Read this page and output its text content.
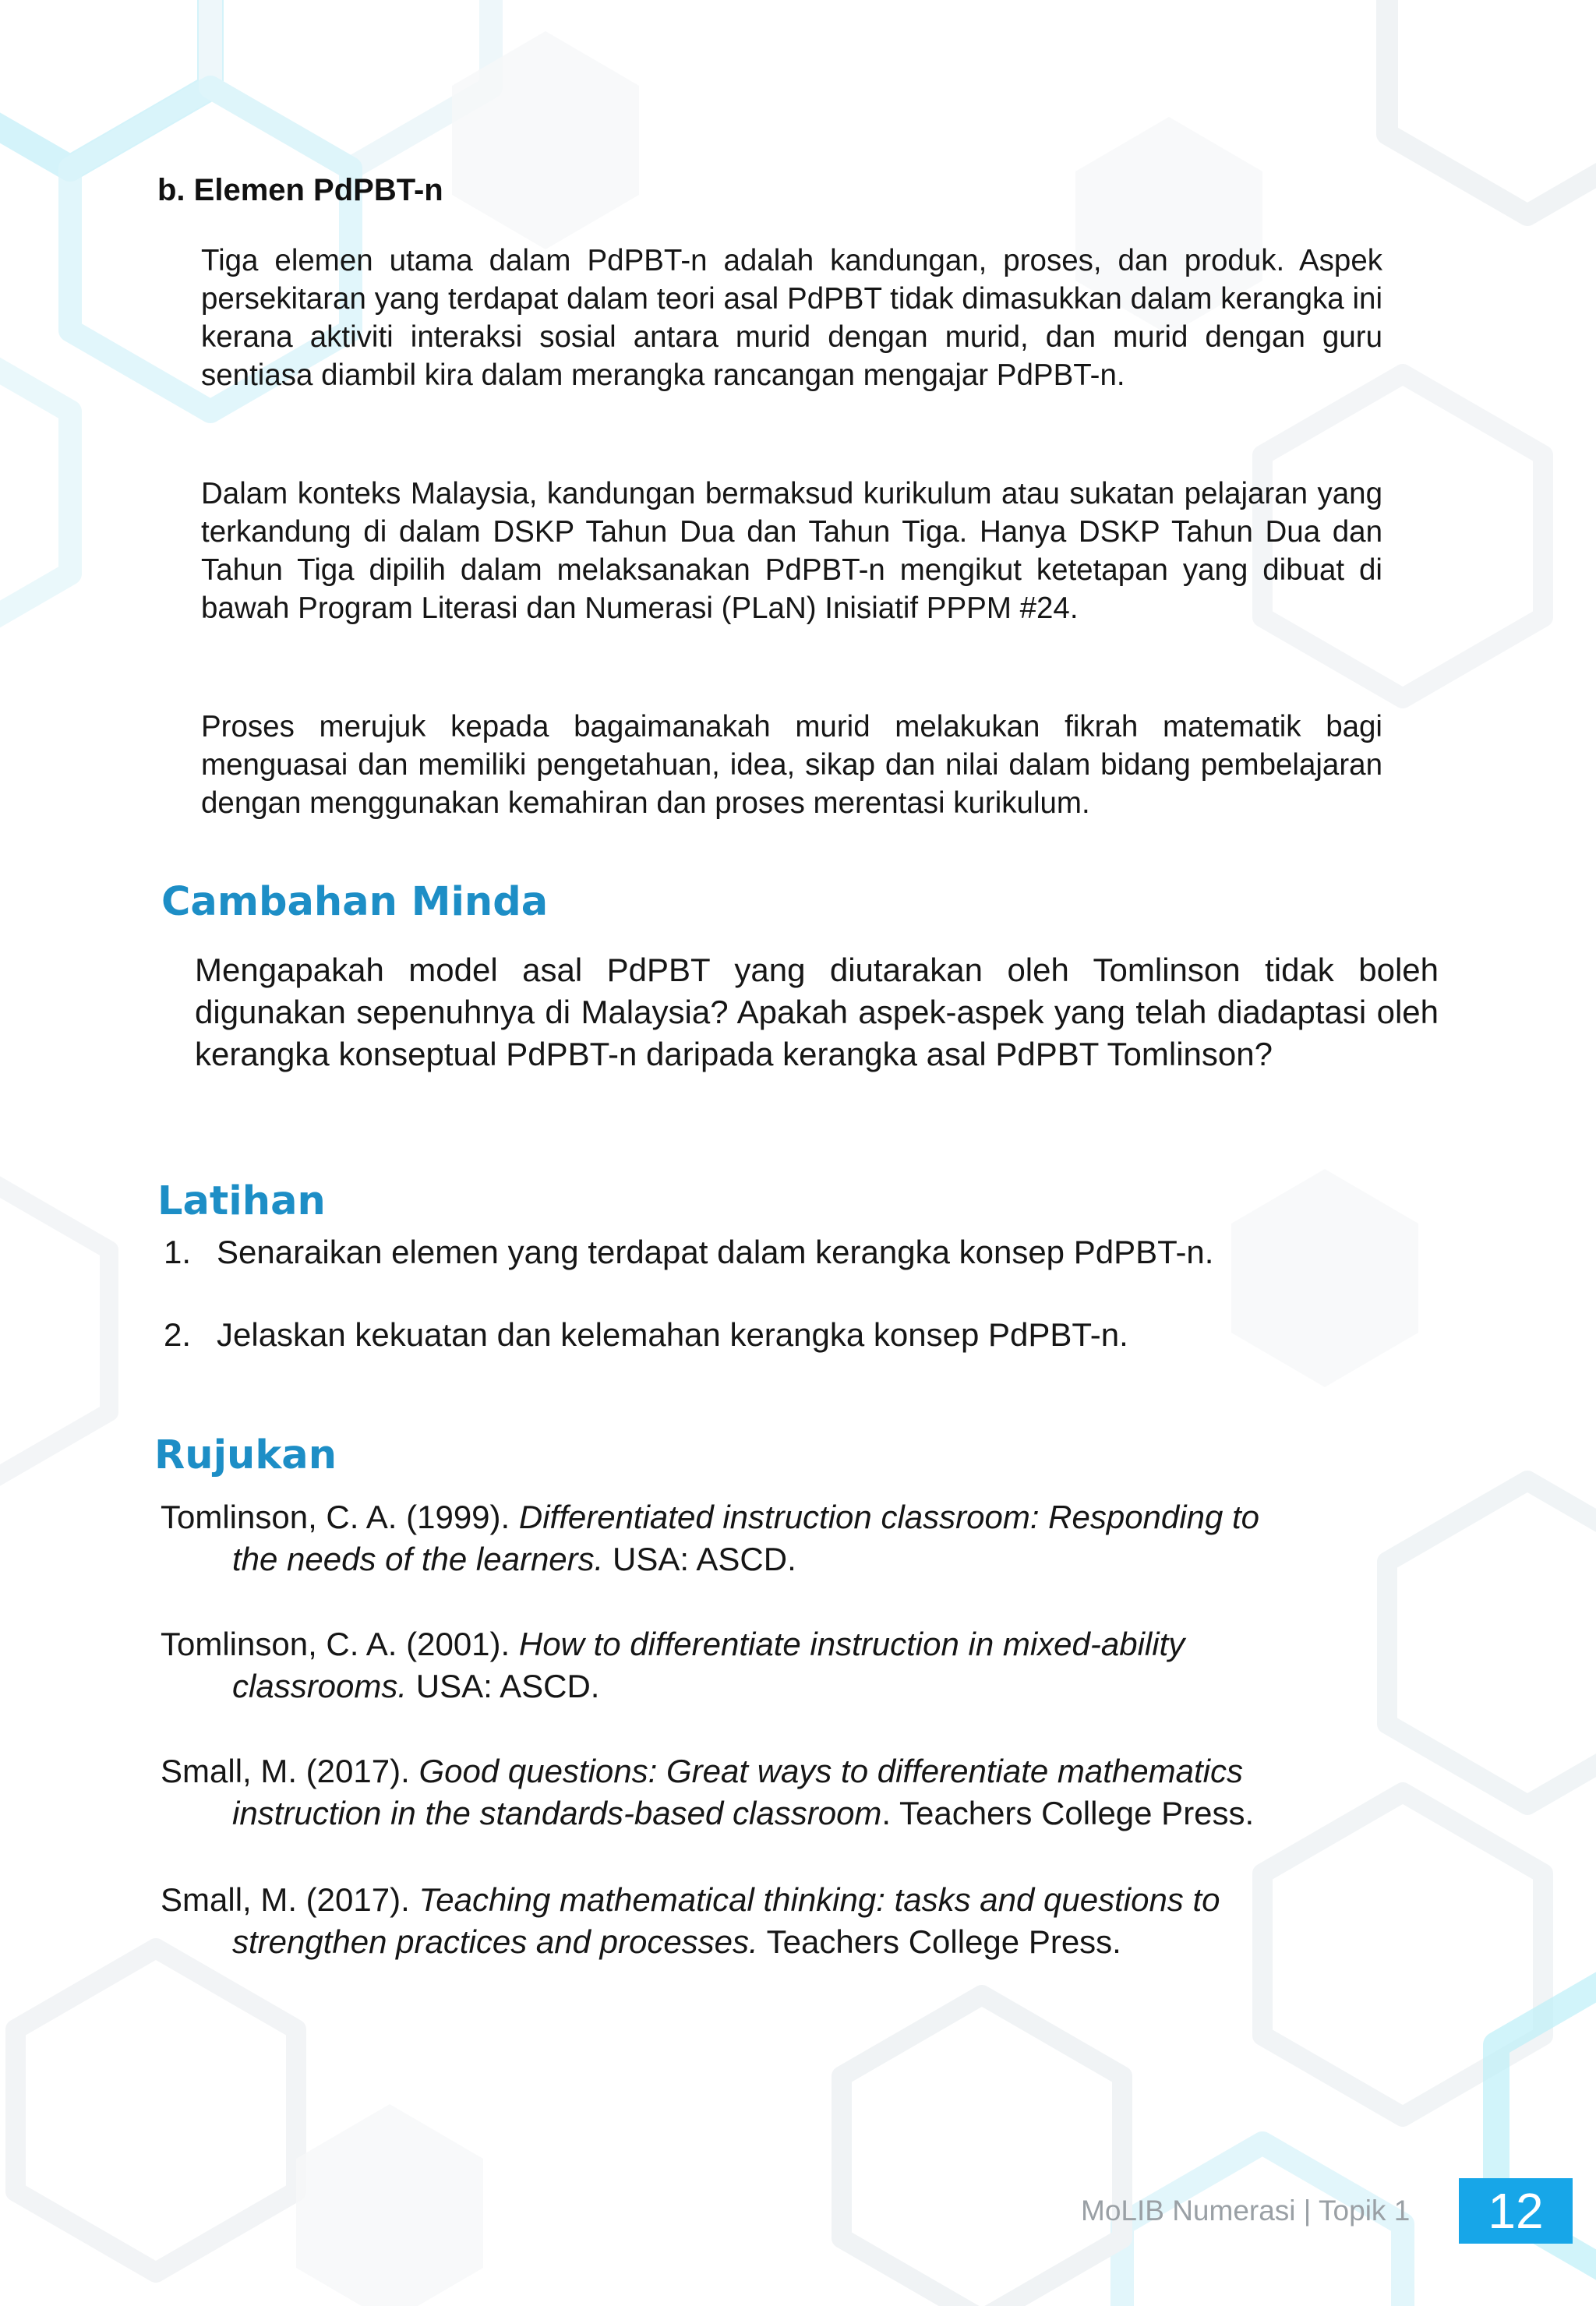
b. Elemen PdPBT-n
Tiga elemen utama dalam PdPBT-n adalah kandungan, proses, dan produk. Aspek persekitaran yang terdapat dalam teori asal PdPBT tidak dimasukkan dalam kerangka ini kerana aktiviti interaksi sosial antara murid dengan murid, dan murid dengan guru sentiasa diambil kira dalam merangka rancangan mengajar PdPBT-n.
Dalam konteks Malaysia, kandungan bermaksud kurikulum atau sukatan pelajaran yang terkandung di dalam DSKP Tahun Dua dan Tahun Tiga. Hanya DSKP Tahun Dua dan Tahun Tiga dipilih dalam melaksanakan PdPBT-n mengikut ketetapan yang dibuat di bawah Program Literasi dan Numerasi (PLaN) Inisiatif PPPM #24.
Proses merujuk kepada bagaimanakah murid melakukan fikrah matematik bagi menguasai dan memiliki pengetahuan, idea, sikap dan nilai dalam bidang pembelajaran dengan menggunakan kemahiran dan proses merentasi kurikulum.
Cambahan Minda
Mengapakah model asal PdPBT yang diutarakan oleh Tomlinson tidak boleh digunakan sepenuhnya di Malaysia? Apakah aspek-aspek yang telah diadaptasi oleh kerangka konseptual PdPBT-n daripada kerangka asal PdPBT Tomlinson?
Latihan
1. Senaraikan elemen yang terdapat dalam kerangka konsep PdPBT-n.
2. Jelaskan kekuatan dan kelemahan kerangka konsep PdPBT-n.
Rujukan
Tomlinson, C. A. (1999). Differentiated instruction classroom: Responding to
the needs of the learners. USA: ASCD.
Tomlinson, C. A. (2001). How to differentiate instruction in mixed-ability
classrooms. USA: ASCD.
Small, M. (2017). Good questions: Great ways to differentiate mathematics
instruction in the standards-based classroom. Teachers College Press.
Small, M. (2017). Teaching mathematical thinking: tasks and questions to
strengthen practices and processes. Teachers College Press.
MoLIB Numerasi | Topik 1	12
